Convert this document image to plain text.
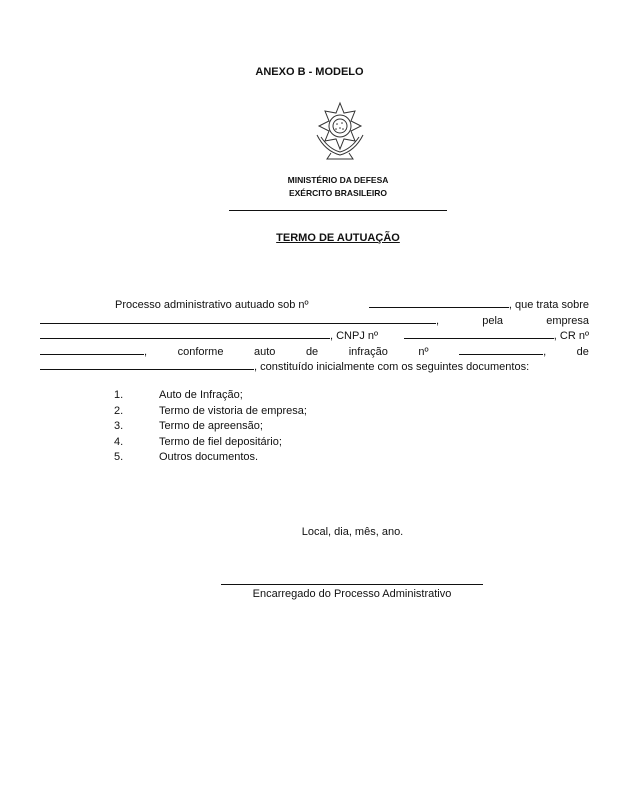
ANEXO B - MODELO
MINISTÉRIO DA DEFESA
EXÉRCITO BRASILEIRO
TERMO DE AUTUAÇÃO
Processo administrativo autuado sob nº	, que trata sobre
,	pela	empresa
, CNPJ nº	, CR nº
,	conforme	auto	de	infração	nº	,	de
, constituído inicialmente com os seguintes documentos:
1.	Auto de Infração;
2.	Termo de vistoria de empresa;
3.	Termo de apreensão;
4.	Termo de fiel depositário;
5.	Outros documentos.
Local, dia, mês, ano.
Encarregado do Processo Administrativo
